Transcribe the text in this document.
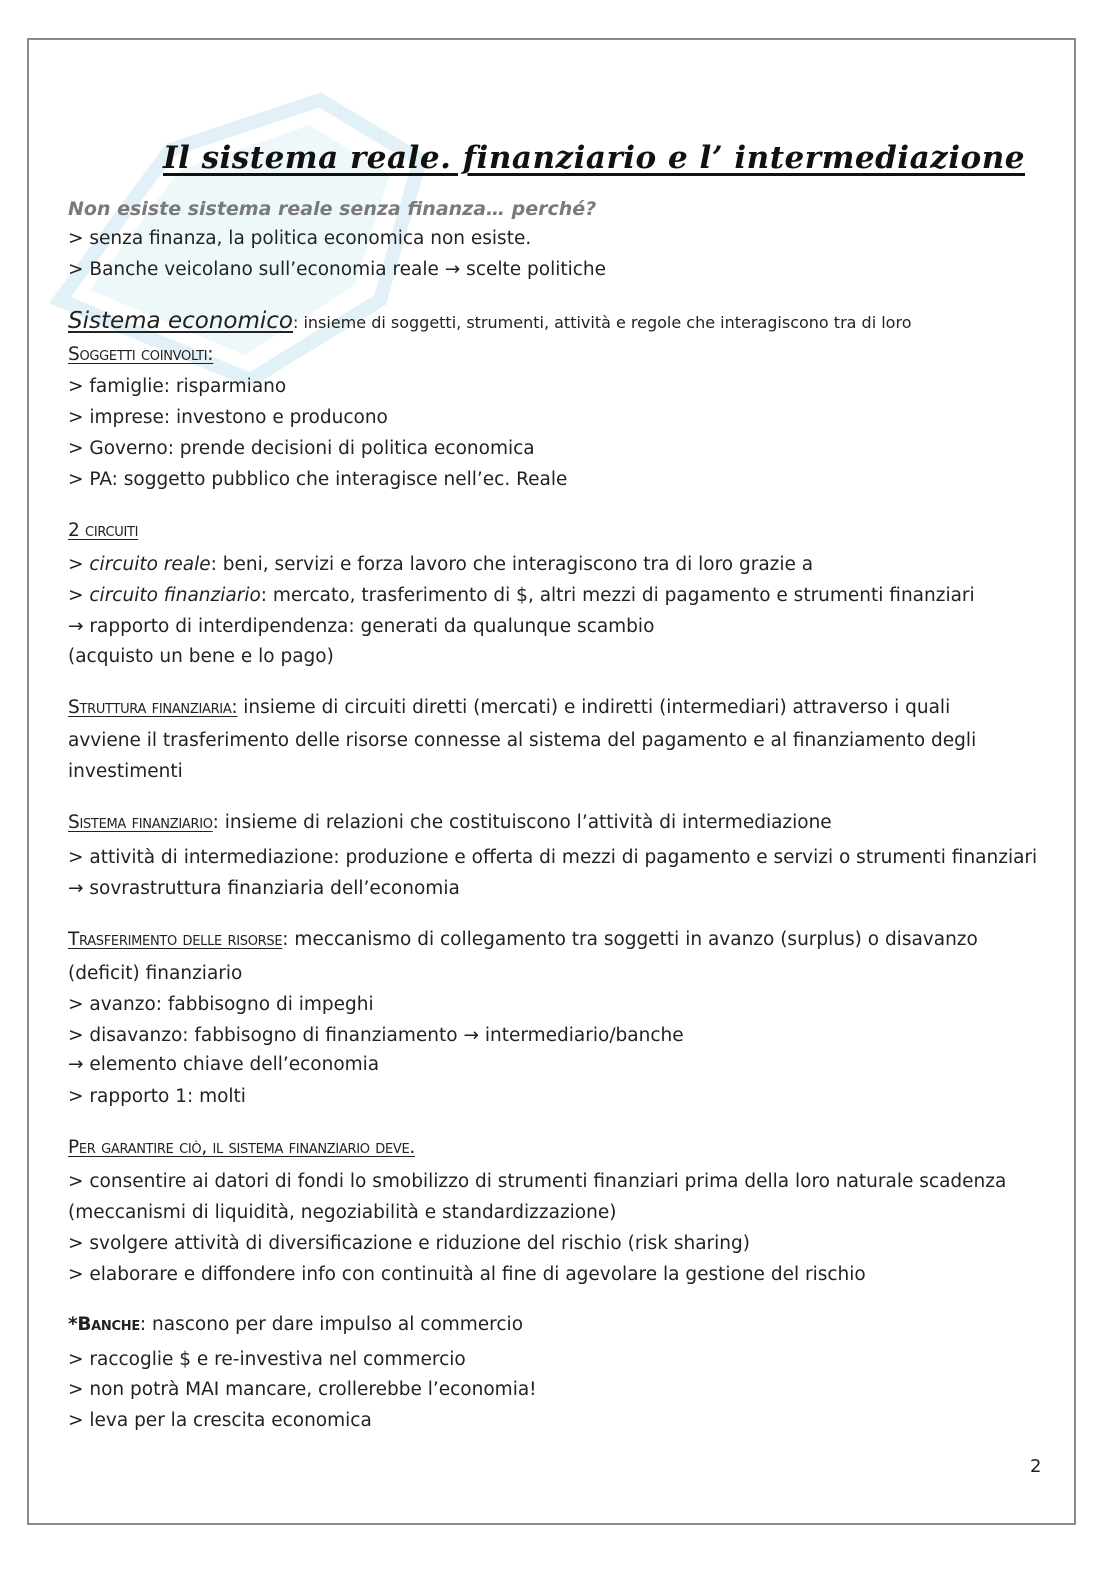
Il sistema reale. finanziario e l’ intermediazione
Non esiste sistema reale senza finanza… perché?
> senza finanza, la politica economica non esiste.
> Banche veicolano sull’economia reale → scelte politiche
Sistema economico: insieme di soggetti, strumenti, attività e regole che interagiscono tra di loro
Soggetti coinvolti:
> famiglie: risparmiano
> imprese: investono e producono
> Governo: prende decisioni di politica economica
> PA: soggetto pubblico che interagisce nell’ec. Reale
2 circuiti
> circuito reale: beni, servizi e forza lavoro che interagiscono tra di loro grazie a
> circuito finanziario: mercato, trasferimento di $, altri mezzi di pagamento e strumenti finanziari
→ rapporto di interdipendenza: generati da qualunque scambio
(acquisto un bene e lo pago)
Struttura finanziaria: insieme di circuiti diretti (mercati) e indiretti (intermediari) attraverso i quali
avviene il trasferimento delle risorse connesse al sistema del pagamento e al finanziamento degli
investimenti
Sistema finanziario: insieme di relazioni che costituiscono l’attività di intermediazione
> attività di intermediazione: produzione e offerta di mezzi di pagamento e servizi o strumenti finanziari
→ sovrastruttura finanziaria dell’economia
Trasferimento delle risorse: meccanismo di collegamento tra soggetti in avanzo (surplus) o disavanzo
(deficit) finanziario
> avanzo: fabbisogno di impeghi
> disavanzo: fabbisogno di finanziamento → intermediario/banche
→ elemento chiave dell’economia
> rapporto 1: molti
Per garantire ciò, il sistema finanziario deve.
> consentire ai datori di fondi lo smobilizzo di strumenti finanziari prima della loro naturale scadenza
(meccanismi di liquidità, negoziabilità e standardizzazione)
> svolgere attività di diversificazione e riduzione del rischio (risk sharing)
> elaborare e diffondere info con continuità al fine di agevolare la gestione del rischio
*Banche: nascono per dare impulso al commercio
> raccoglie $ e re-investiva nel commercio
> non potrà MAI mancare, crollerebbe l’economia!
> leva per la crescita economica
2
